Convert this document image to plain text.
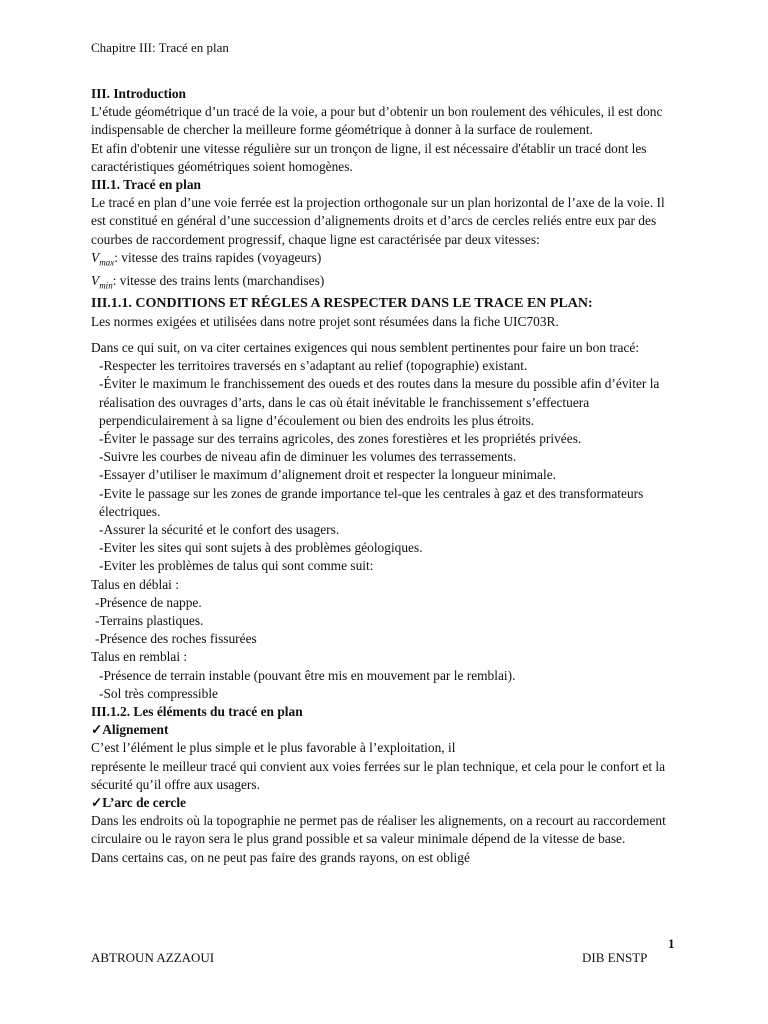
Chapitre III: Tracé en plan

III. Introduction

L’étude géométrique d’un tracé de la voie, a pour but d’obtenir un bon roulement des véhicules, il est donc indispensable de chercher la meilleure forme géométrique à donner à la surface de roulement.

Et afin d'obtenir une vitesse régulière sur un tronçon de ligne, il est nécessaire d'établir un tracé dont les caractéristiques géométriques soient homogènes.

III.1. Tracé en plan

Le tracé en plan d’une voie ferrée est la projection orthogonale sur un plan horizontal de l’axe de la voie. Il est constitué en général d’une succession d’alignements droits et d’arcs de cercles reliés entre eux par des courbes de raccordement progressif, chaque ligne est caractérisée par deux vitesses:

$V_{max}$: vitesse des trains rapides (voyageurs)

$V_{min}$: vitesse des trains lents (marchandises)

III.1.1. CONDITIONS ET RÉGLES A RESPECTER DANS LE TRACE EN PLAN:

Les normes exigées et utilisées dans notre projet sont résumées dans la fiche UIC703R.

Dans ce qui suit, on va citer certaines exigences qui nous semblent pertinentes pour faire un bon tracé:

-Respecter les territoires traversés en s’adaptant au relief (topographie) existant.

-Éviter le maximum le franchissement des oueds et des routes dans la mesure du possible afin d’éviter la réalisation des ouvrages d’arts, dans le cas où était inévitable le franchissement s’effectuera perpendiculairement à sa ligne d’écoulement ou bien des endroits les plus étroits.

-Éviter le passage sur des terrains agricoles, des zones forestières et les propriétés privées.

-Suivre les courbes de niveau afin de diminuer les volumes des terrassements.

-Essayer d’utiliser le maximum d’alignement droit et respecter la longueur minimale.

-Evite le passage sur les zones de grande importance tel-que les centrales à gaz et des transformateurs électriques.

-Assurer la sécurité et le confort des usagers.

-Eviter les sites qui sont sujets à des problèmes géologiques.

-Eviter les problèmes de talus qui sont comme suit:

Talus en déblai :

-Présence de nappe.

-Terrains plastiques.

-Présence des roches fissurées

Talus en remblai :

-Présence de terrain instable (pouvant être mis en mouvement par le remblai).

-Sol très compressible

III.1.2. Les éléments du tracé en plan

✓Alignement

C’est l’élément le plus simple et le plus favorable à l’exploitation, il

représente le meilleur tracé qui convient aux voies ferrées sur le plan technique, et cela pour le confort et la sécurité qu’il offre aux usagers.

✓L’arc de cercle

Dans les endroits où la topographie ne permet pas de réaliser les alignements, on a recourt au raccordement circulaire ou le rayon sera le plus grand possible et sa valeur minimale dépend de la vitesse de base.

Dans certains cas, on ne peut pas faire des grands rayons, on est obligé

1
ABTROUN AZZAOUI	DIB ENSTP
